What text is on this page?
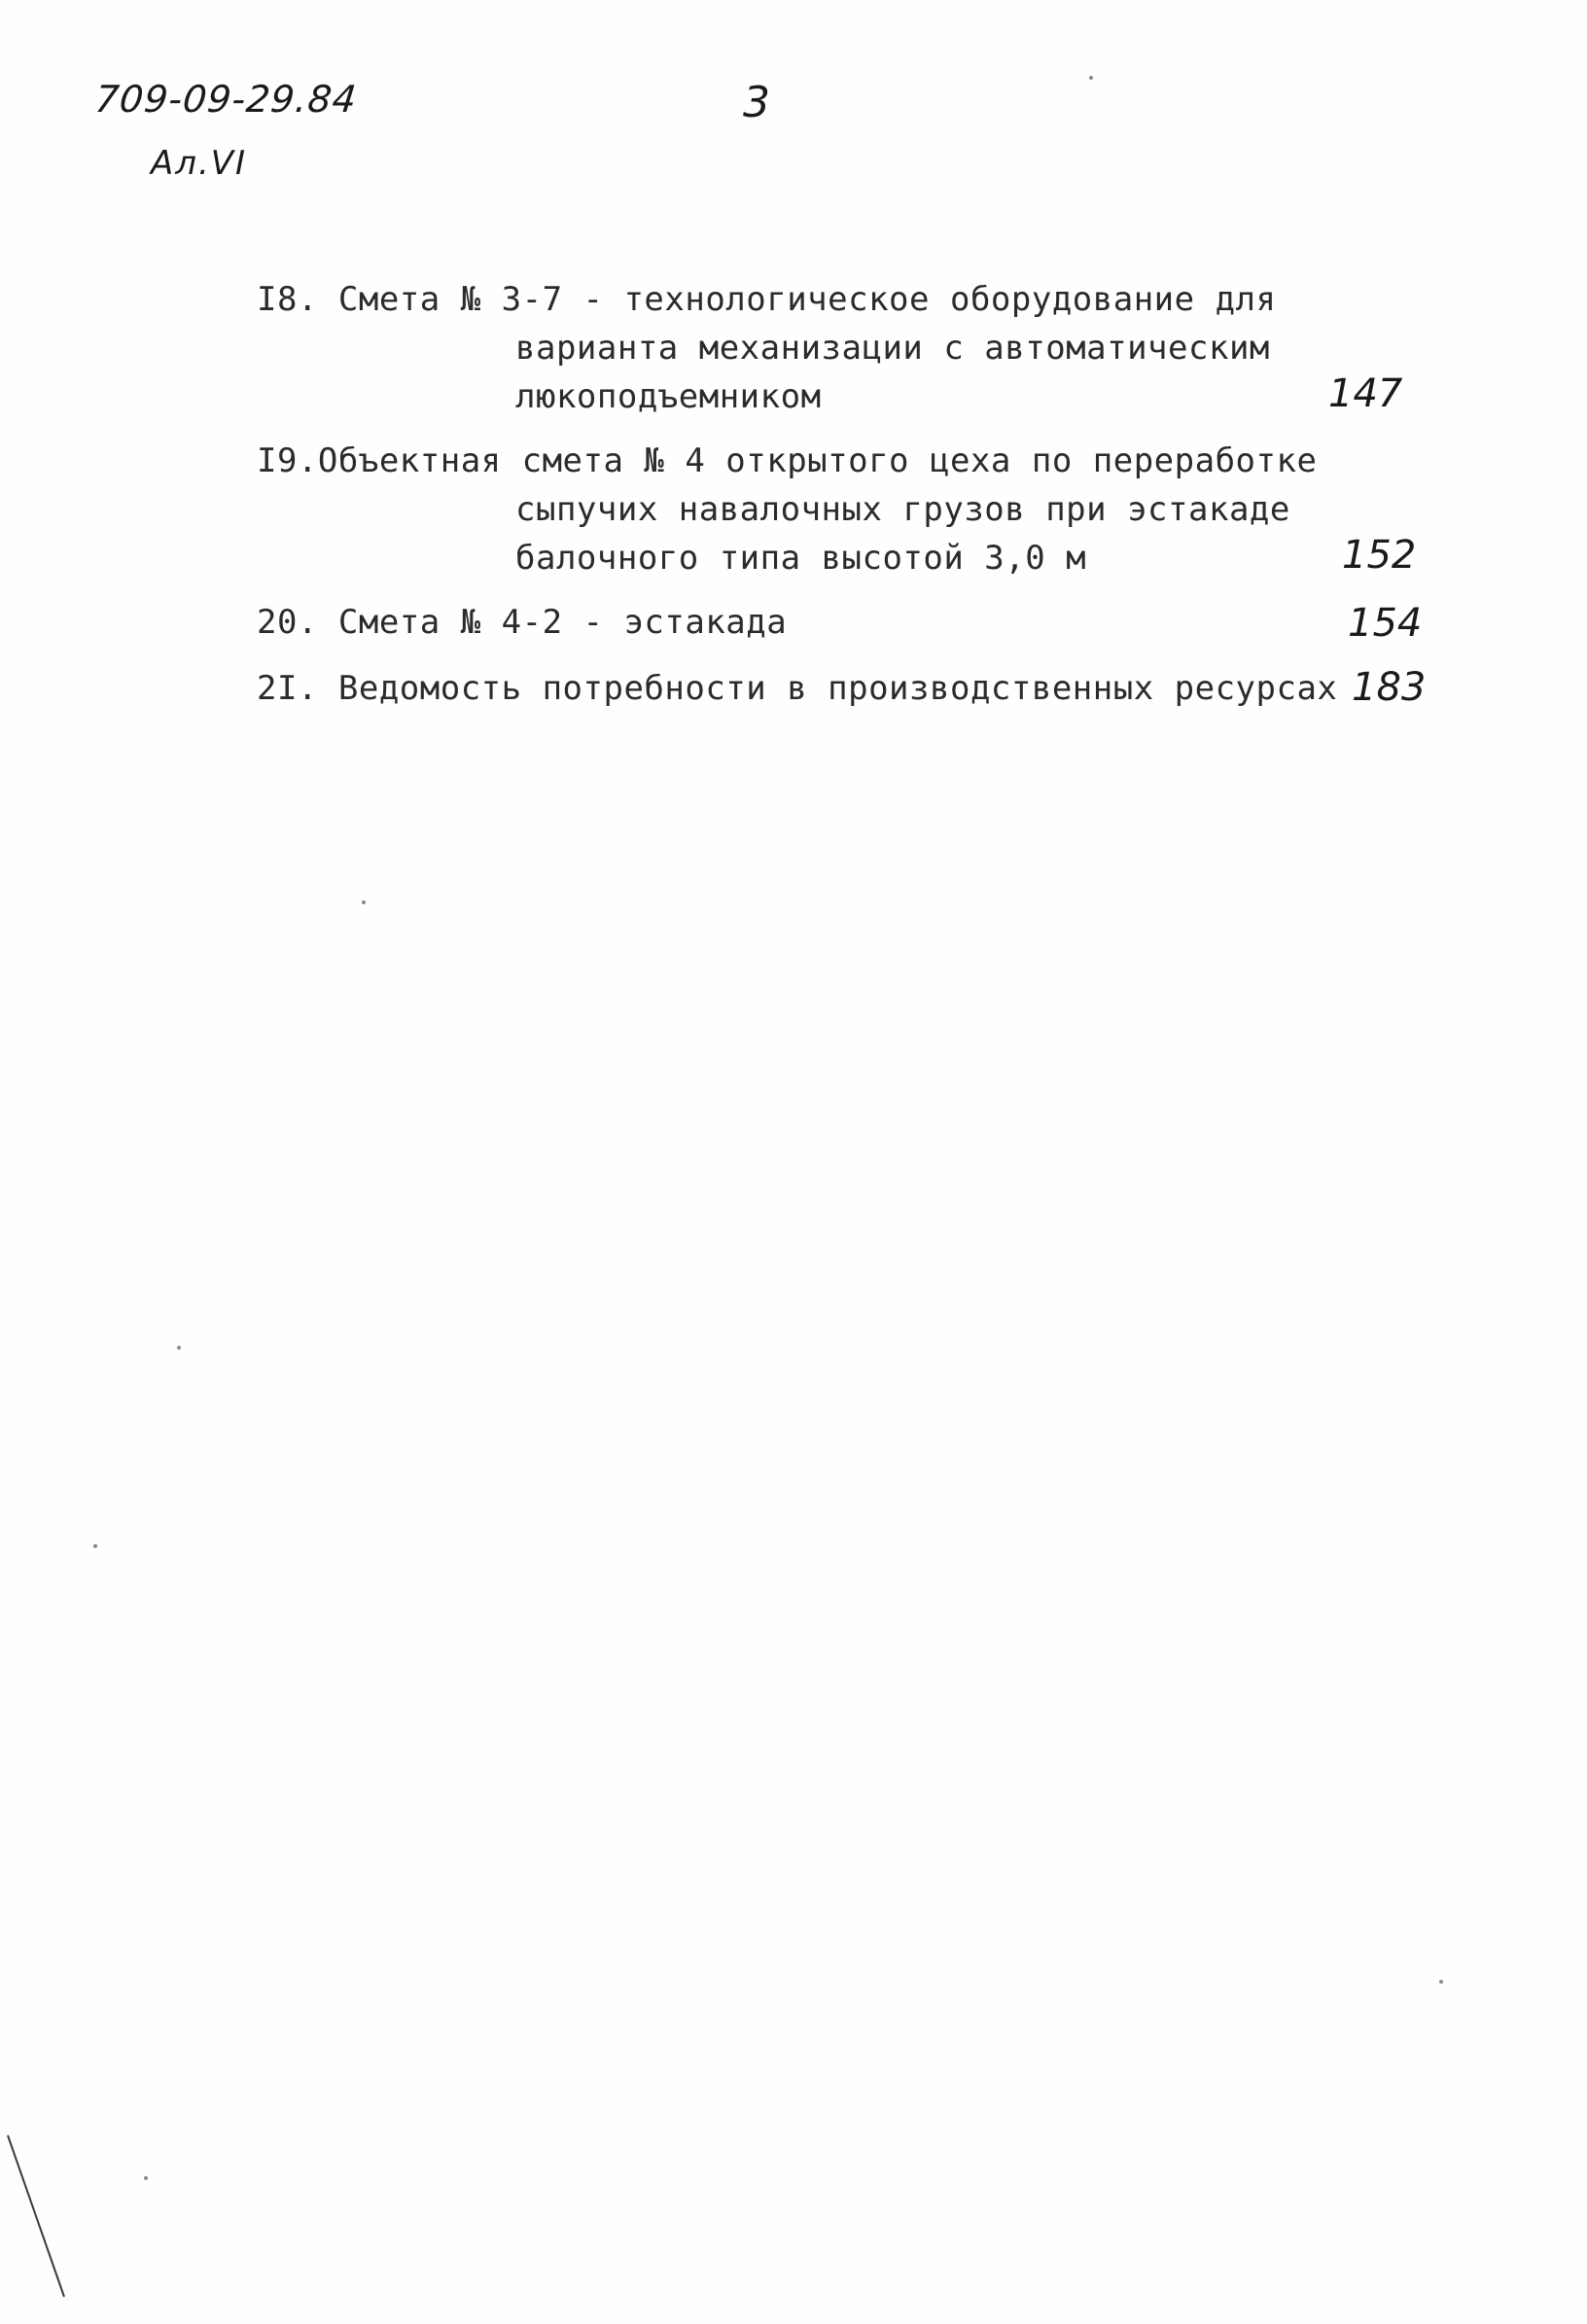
709-09-29.84
Ал.VI
3
I8. Смета № 3-7 - технологическое оборудование для
варианта механизации с автоматическим
люкоподъемником	147
I9.Объектная смета № 4 открытого цеха по переработке
сыпучих навалочных грузов при эстакаде
балочного типа высотой 3,0 м	152
20. Смета № 4-2 - эстакада	154
2I. Ведомость потребности в производственных ресурсах 183
